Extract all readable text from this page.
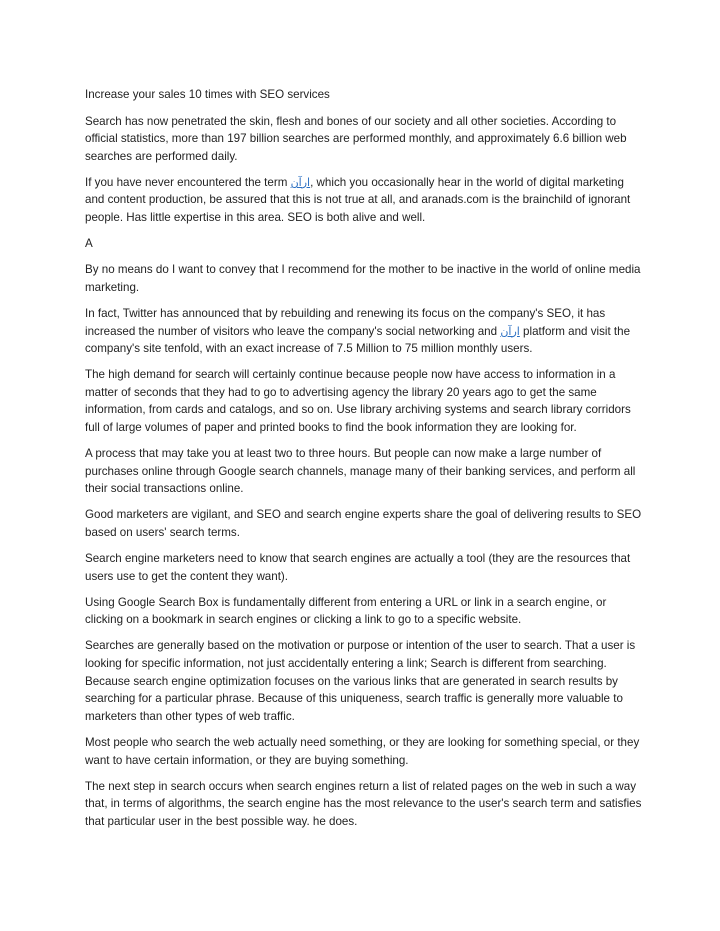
Increase your sales 10 times with SEO services

Search has now penetrated the skin, flesh and bones of our society and all other societies. According to official statistics, more than 197 billion searches are performed monthly, and approximately 6.6 billion web searches are performed daily.

If you have never encountered the term ارآن, which you occasionally hear in the world of digital marketing and content production, be assured that this is not true at all, and aranads.com is the brainchild of ignorant people. Has little expertise in this area. SEO is both alive and well.

A

By no means do I want to convey that I recommend for the mother to be inactive in the world of online media marketing.

In fact, Twitter has announced that by rebuilding and renewing its focus on the company's SEO, it has increased the number of visitors who leave the company's social networking and ارآن platform and visit the company's site tenfold, with an exact increase of 7.5 Million to 75 million monthly users.

The high demand for search will certainly continue because people now have access to information in a matter of seconds that they had to go to advertising agency the library 20 years ago to get the same information, from cards and catalogs, and so on. Use library archiving systems and search library corridors full of large volumes of paper and printed books to find the book information they are looking for.

A process that may take you at least two to three hours. But people can now make a large number of purchases online through Google search channels, manage many of their banking services, and perform all their social transactions online.

Good marketers are vigilant, and SEO and search engine experts share the goal of delivering results to SEO based on users' search terms.

Search engine marketers need to know that search engines are actually a tool (they are the resources that users use to get the content they want).

Using Google Search Box is fundamentally different from entering a URL or link in a search engine, or clicking on a bookmark in search engines or clicking a link to go to a specific website.

Searches are generally based on the motivation or purpose or intention of the user to search. That a user is looking for specific information, not just accidentally entering a link; Search is different from searching. Because search engine optimization focuses on the various links that are generated in search results by searching for a particular phrase. Because of this uniqueness, search traffic is generally more valuable to marketers than other types of web traffic.

Most people who search the web actually need something, or they are looking for something special, or they want to have certain information, or they are buying something.

The next step in search occurs when search engines return a list of related pages on the web in such a way that, in terms of algorithms, the search engine has the most relevance to the user's search term and satisfies that particular user in the best possible way. he does.
